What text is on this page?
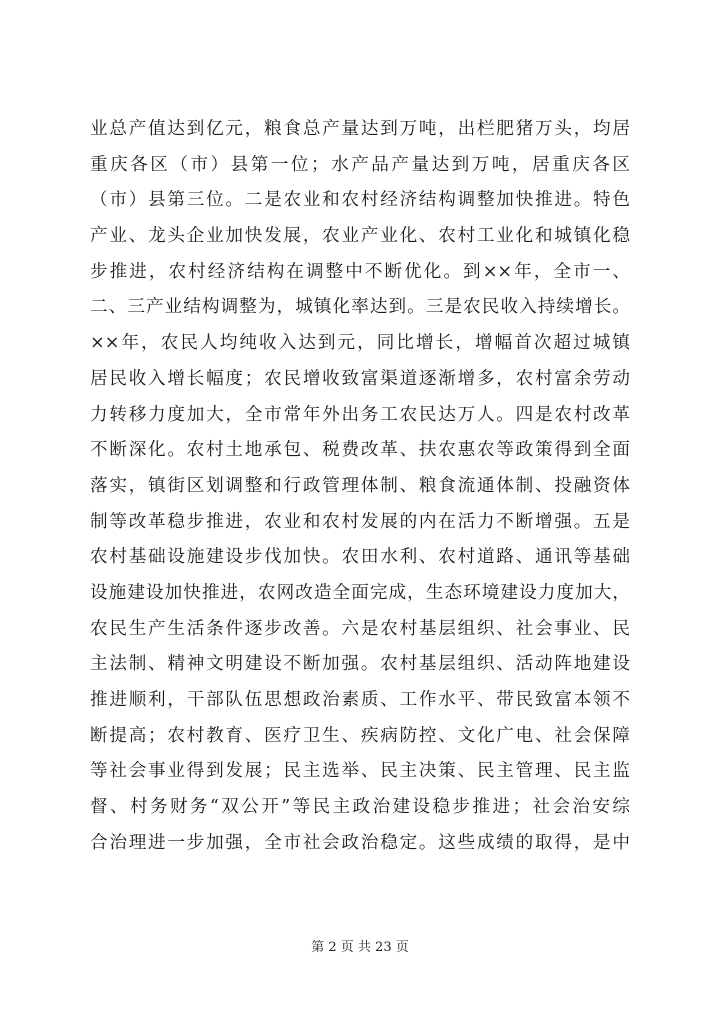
业总产值达到亿元，粮食总产量达到万吨，出栏肥猪万头，均居
重庆各区（市）县第一位；水产品产量达到万吨，居重庆各区
（市）县第三位。二是农业和农村经济结构调整加快推进。特色
产业、龙头企业加快发展，农业产业化、农村工业化和城镇化稳
步推进，农村经济结构在调整中不断优化。到××年，全市一、
二、三产业结构调整为，城镇化率达到。三是农民收入持续增长。
××年，农民人均纯收入达到元，同比增长，增幅首次超过城镇
居民收入增长幅度；农民增收致富渠道逐渐增多，农村富余劳动
力转移力度加大，全市常年外出务工农民达万人。四是农村改革
不断深化。农村土地承包、税费改革、扶农惠农等政策得到全面
落实，镇街区划调整和行政管理体制、粮食流通体制、投融资体
制等改革稳步推进，农业和农村发展的内在活力不断增强。五是
农村基础设施建设步伐加快。农田水利、农村道路、通讯等基础
设施建设加快推进，农网改造全面完成，生态环境建设力度加大，
农民生产生活条件逐步改善。六是农村基层组织、社会事业、民
主法制、精神文明建设不断加强。农村基层组织、活动阵地建设
推进顺利，干部队伍思想政治素质、工作水平、带民致富本领不
断提高；农村教育、医疗卫生、疾病防控、文化广电、社会保障
等社会事业得到发展；民主选举、民主决策、民主管理、民主监
督、村务财务“双公开”等民主政治建设稳步推进；社会治安综
合治理进一步加强，全市社会政治稳定。这些成绩的取得，是中
第 2 页 共 23 页
